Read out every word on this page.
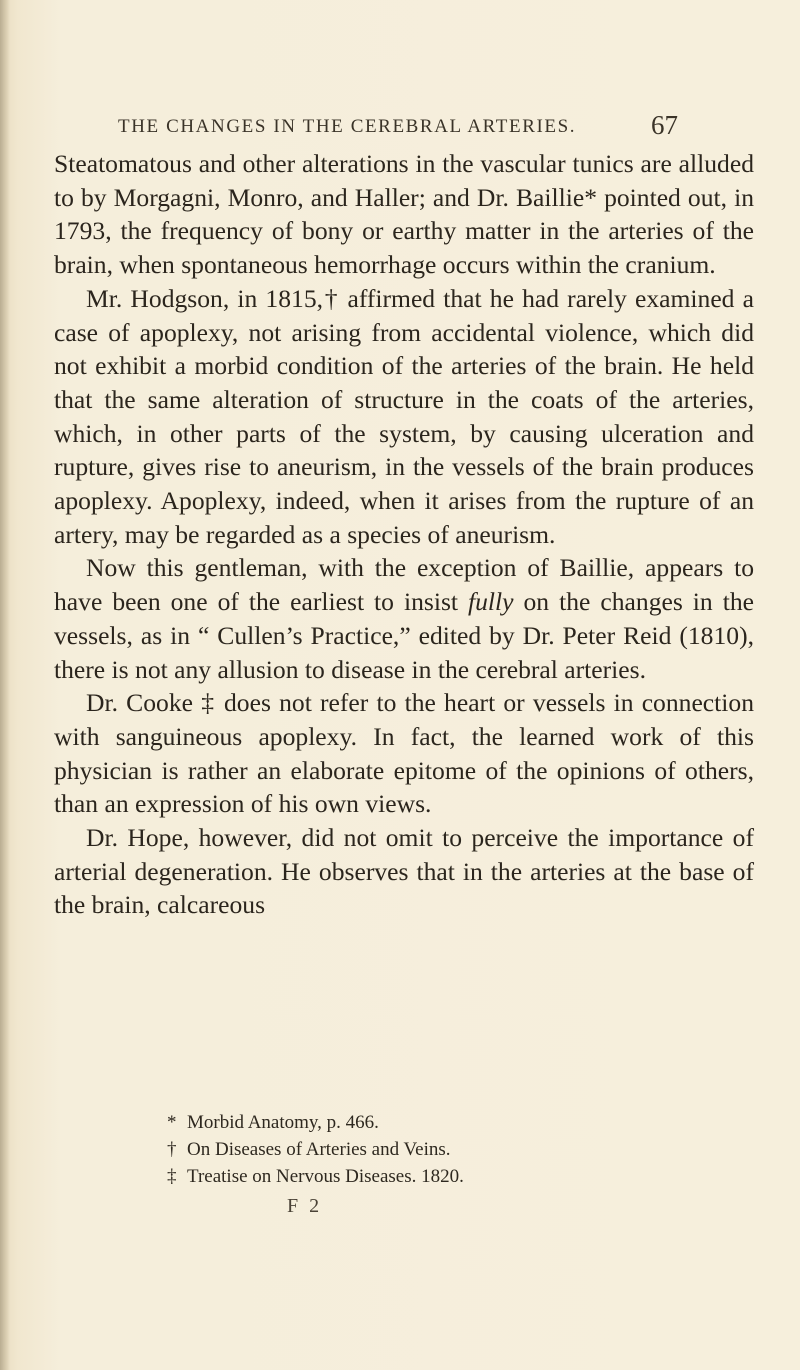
THE CHANGES IN THE CEREBRAL ARTERIES.	67

Steatomatous and other alterations in the vascular tunics are alluded to by Morgagni, Monro, and Haller; and Dr. Baillie* pointed out, in 1793, the frequency of bony or earthy matter in the arteries of the brain, when spontaneous hemorrhage occurs within the cranium.

Mr. Hodgson, in 1815,† affirmed that he had rarely examined a case of apoplexy, not arising from accidental violence, which did not exhibit a morbid condition of the arteries of the brain. He held that the same alteration of structure in the coats of the arteries, which, in other parts of the system, by causing ulceration and rupture, gives rise to aneurism, in the vessels of the brain produces apoplexy. Apoplexy, indeed, when it arises from the rupture of an artery, may be regarded as a species of aneurism.

Now this gentleman, with the exception of Baillie, appears to have been one of the earliest to insist fully on the changes in the vessels, as in “ Cullen’s Practice,” edited by Dr. Peter Reid (1810), there is not any allusion to disease in the cerebral arteries.

Dr. Cooke ‡ does not refer to the heart or vessels in connection with sanguineous apoplexy. In fact, the learned work of this physician is rather an elaborate epitome of the opinions of others, than an expression of his own views.

Dr. Hope, however, did not omit to perceive the importance of arterial degeneration. He observes that in the arteries at the base of the brain, calcareous

* Morbid Anatomy, p. 466.

† On Diseases of Arteries and Veins.

‡ Treatise on Nervous Diseases. 1820.

F 2
